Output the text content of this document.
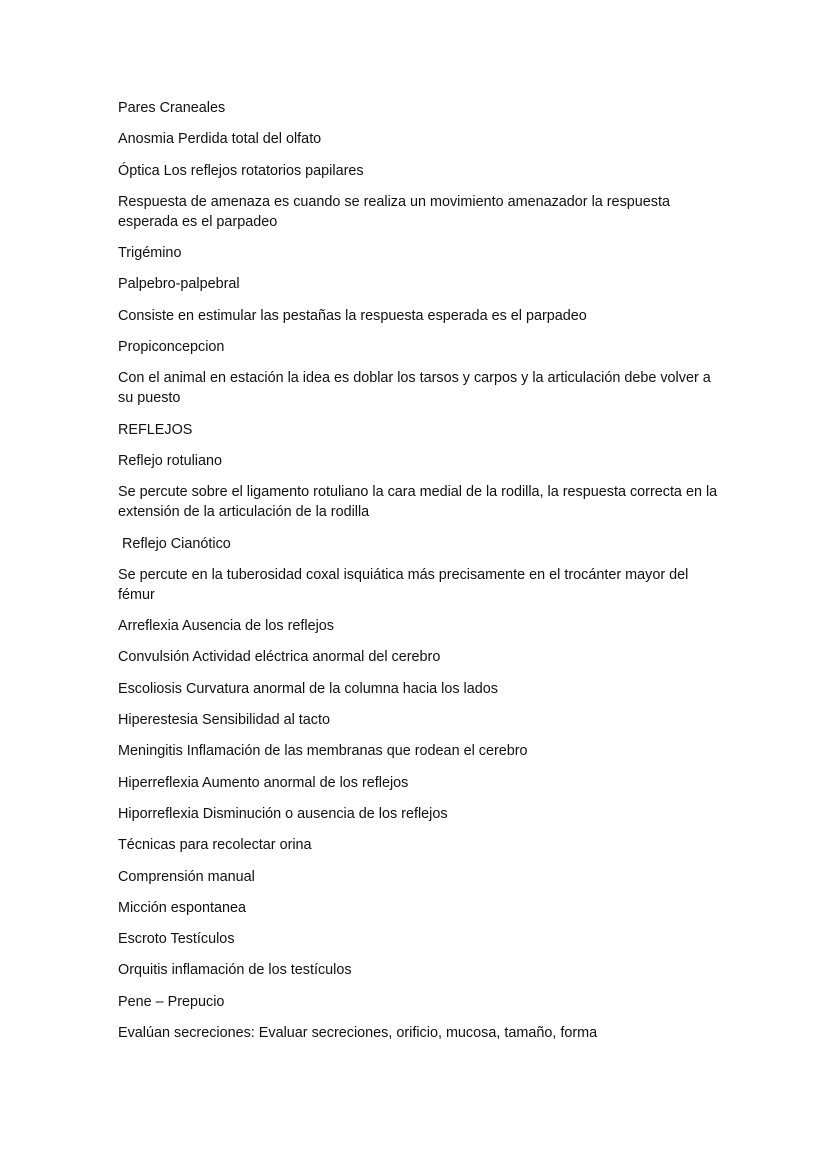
Pares Craneales

Anosmia Perdida total del olfato

Óptica Los reflejos rotatorios papilares

Respuesta de amenaza es cuando se realiza un movimiento amenazador la respuesta esperada es el parpadeo

Trigémino

Palpebro-palpebral

Consiste en estimular las pestañas la respuesta esperada es el parpadeo

Propiconcepcion

Con el animal en estación la idea es doblar los tarsos y carpos y la articulación debe volver a su puesto

REFLEJOS

Reflejo rotuliano

Se percute sobre el ligamento rotuliano la cara medial de la rodilla, la respuesta correcta en la extensión de la articulación de la rodilla

Reflejo Cianótico

Se percute en la tuberosidad coxal isquiática más precisamente en el trocánter mayor del fémur

Arreflexia Ausencia de los reflejos

Convulsión Actividad eléctrica anormal del cerebro

Escoliosis Curvatura anormal de la columna hacia los lados

Hiperestesia Sensibilidad al tacto

Meningitis Inflamación de las membranas que rodean el cerebro

Hiperreflexia Aumento anormal de los reflejos

Hiporreflexia Disminución o ausencia de los reflejos

Técnicas para recolectar orina

Comprensión manual

Micción espontanea

Escroto Testículos

Orquitis inflamación de los testículos

Pene – Prepucio

Evalúan secreciones: Evaluar secreciones, orificio, mucosa, tamaño, forma
